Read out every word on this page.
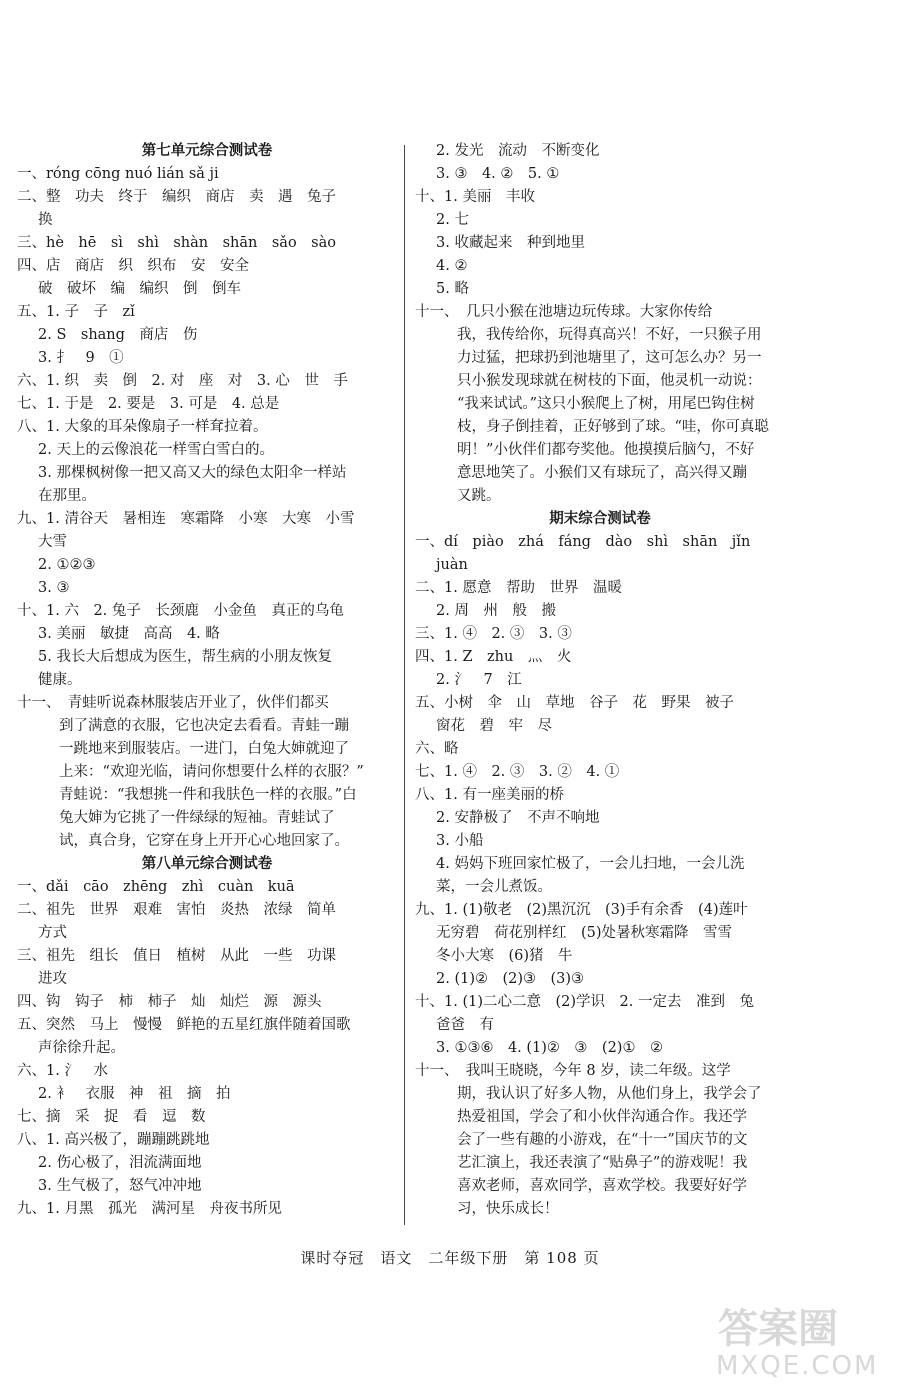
第七单元综合测试卷
一、róng cōng nuó lián sǎ ji
二、整　功夫　终于　编织　商店　卖　遇　兔子
换
三、hè　hē　sì　shì　shàn　shān　sǎo　sào
四、店　商店　织　织布　安　安全
破　破坏　编　编织　倒　倒车
五、1. 子　子　zǐ
2. S　shang　商店　伤
3. 扌　9　①
六、1. 织　卖　倒　2. 对　座　对　3. 心　世　手
七、1. 于是　2. 要是　3. 可是　4. 总是
八、1. 大象的耳朵像扇子一样耷拉着。
2. 天上的云像浪花一样雪白雪白的。
3. 那棵枫树像一把又高又大的绿色太阳伞一样站
在那里。
九、1. 清谷天　暑相连　寒霜降　小寒　大寒　小雪
大雪
2. ①②③
3. ③
十、1. 六　2. 兔子　长颈鹿　小金鱼　真正的乌龟
3. 美丽　敏捷　高高　4. 略
5. 我长大后想成为医生，帮生病的小朋友恢复
健康。
十一、　青蛙听说森林服装店开业了，伙伴们都买
到了满意的衣服，它也决定去看看。青蛙一蹦
一跳地来到服装店。一进门，白兔大婶就迎了
上来：“欢迎光临，请问你想要什么样的衣服？”
青蛙说：“我想挑一件和我肤色一样的衣服。”白
兔大婶为它挑了一件绿绿的短袖。青蛙试了
试，真合身，它穿在身上开开心心地回家了。
第八单元综合测试卷
一、dǎi　cāo　zhēng　zhì　cuàn　kuā
二、祖先　世界　艰难　害怕　炎热　浓绿　简单
方式
三、祖先　组长　值日　植树　从此　一些　功课
进攻
四、钩　钩子　柿　柿子　灿　灿烂　源　源头
五、突然　马上　慢慢　鲜艳的五星红旗伴随着国歌
声徐徐升起。
六、1. 氵　水
2. 衤　衣服　神　祖　摘　拍
七、摘　采　捉　看　逗　数
八、1. 高兴极了，蹦蹦跳跳地
2. 伤心极了，泪流满面地
3. 生气极了，怒气冲冲地
九、1. 月黑　孤光　满河星　舟夜书所见
2. 发光　流动　不断变化
3. ③　4. ②　5. ①
十、1. 美丽　丰收
2. 七
3. 收藏起来　种到地里
4. ②
5. 略
十一、　几只小猴在池塘边玩传球。大家你传给
我，我传给你，玩得真高兴！不好，一只猴子用
力过猛，把球扔到池塘里了，这可怎么办？另一
只小猴发现球就在树枝的下面，他灵机一动说：
“我来试试。”这只小猴爬上了树，用尾巴钩住树
枝，身子倒挂着，正好够到了球。“哇，你可真聪
明！”小伙伴们都夸奖他。他摸摸后脑勺，不好
意思地笑了。小猴们又有球玩了，高兴得又蹦
又跳。
期末综合测试卷
一、dí　piào　zhá　fáng　dào　shì　shān　jǐn
juàn
二、1. 愿意　帮助　世界　温暖
2. 周　州　般　搬
三、1. ④　2. ③　3. ③
四、1. Z　zhu　灬　火
2. 氵　7　江
五、小树　伞　山　草地　谷子　花　野果　被子
窗花　碧　牢　尽
六、略
七、1. ④　2. ③　3. ②　4. ①
八、1. 有一座美丽的桥
2. 安静极了　不声不响地
3. 小船
4. 妈妈下班回家忙极了，一会儿扫地，一会儿洗
菜，一会儿煮饭。
九、1. (1)敬老　(2)黑沉沉　(3)手有余香　(4)莲叶
无穷碧　荷花别样红　(5)处暑秋寒霜降　雪雪
冬小大寒　(6)猪　牛
2. (1)②　(2)③　(3)③
十、1. (1)二心二意　(2)学识　2. 一定去　准到　兔
爸爸　有
3. ①③⑥　4. (1)②　③　(2)①　②
十一、　我叫王晓晓，今年 8 岁，读二年级。这学
期，我认识了好多人物，从他们身上，我学会了
热爱祖国，学会了和小伙伴沟通合作。我还学
会了一些有趣的小游戏，在“十一”国庆节的文
艺汇演上，我还表演了“贴鼻子”的游戏呢！我
喜欢老师，喜欢同学，喜欢学校。我要好好学
习，快乐成长！
课时夺冠　语文　二年级下册　第 108 页
答案圈
MXQE.COM
